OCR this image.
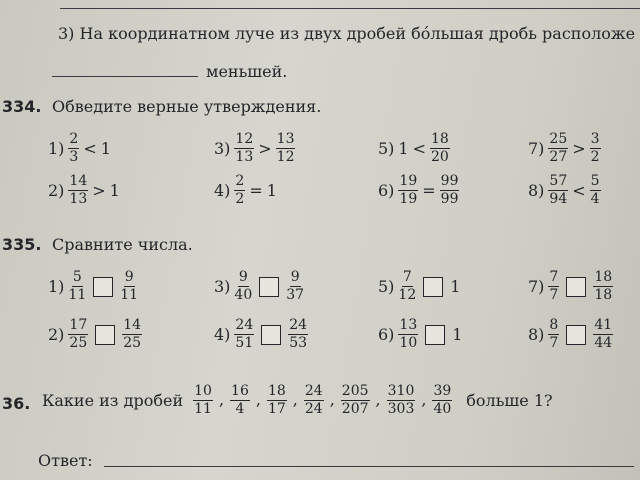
3) На координатном луче из двух дробей бо́льшая дробь расположе
меньшей.
334. Обведите верные утверждения.
$1) \frac{2}{3} < 1$
$2) \frac{14}{13} > 1$
$3) \frac{12}{13} > \frac{13}{12}$
$4) \frac{2}{2} = 1$
5) $1 < \frac{18}{20}$
$6) \frac{19}{19} = \frac{99}{99}$
$7) \frac{25}{27} > \frac{3}{2}$
$8) \frac{57}{94} < \frac{5}{4}$
335. Сравните числа.
$1) \frac{5}{11} \frac{9}{11}$
$2) \frac{17}{25} \frac{14}{25}$
$3) \frac{9}{40} \frac{9}{37}$
$4) \frac{24}{51} \frac{24}{53}$
$5) \frac{7}{12} 1$
$6) \frac{13}{10} 1$
$7) \frac{7}{7} \frac{18}{18}$
$8) \frac{8}{7} \frac{41}{44}$
36. Какие из дробей $\frac{10}{11}$ , $\frac{16}{4}$ , $\frac{18}{17}$ , $\frac{24}{24}$ , $\frac{205}{207}$ , $\frac{310}{303}$ , $\frac{39}{40}$ больше 1?
Ответ:
